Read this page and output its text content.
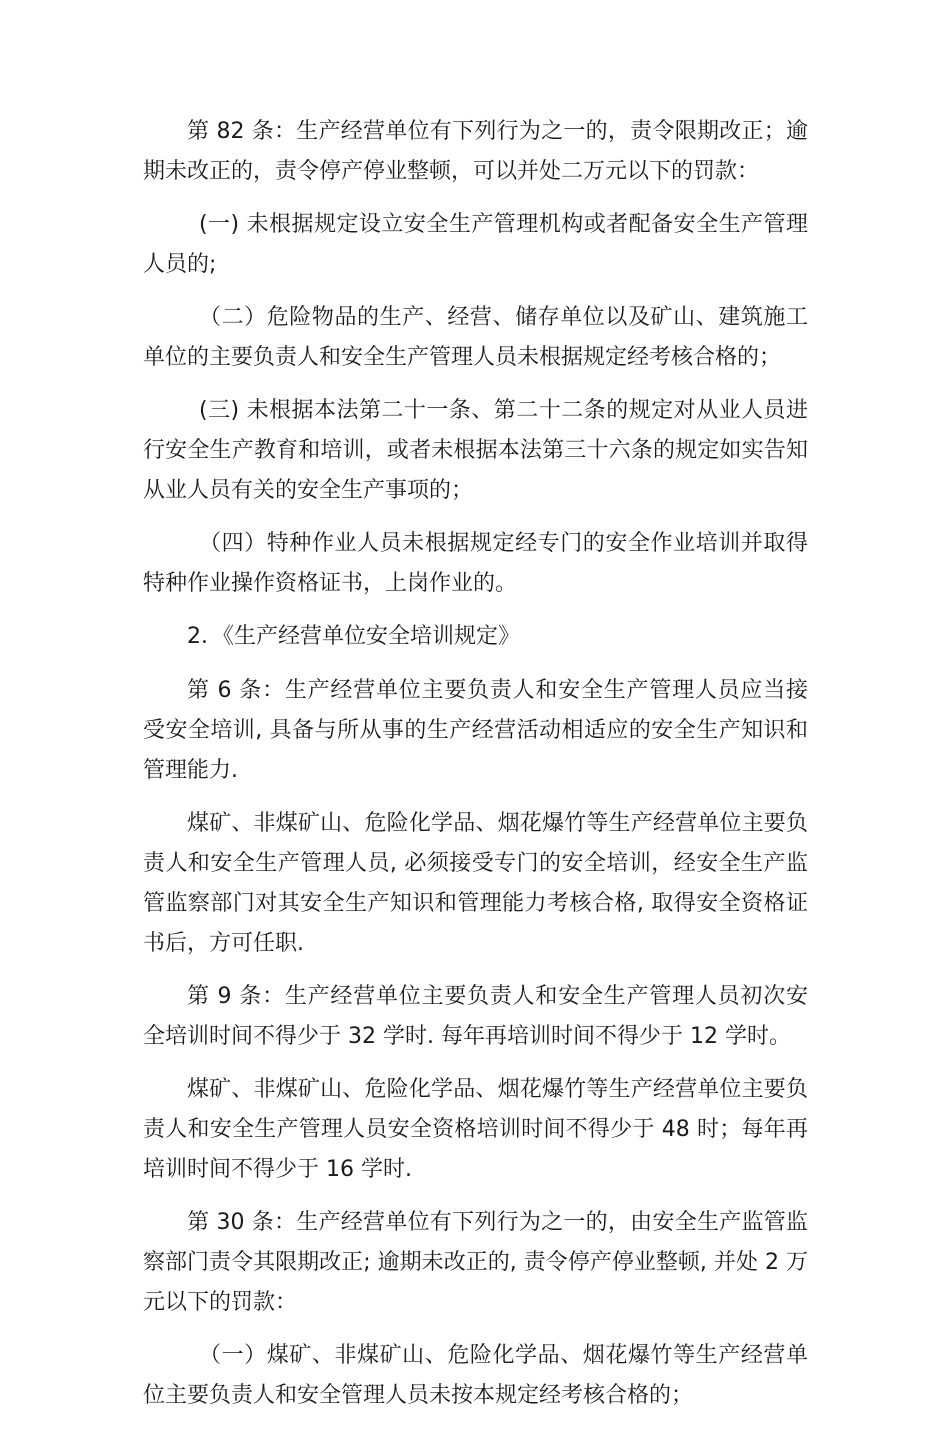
第 82 条：生产经营单位有下列行为之一的，责令限期改正；逾期未改正的，责令停产停业整顿，可以并处二万元以下的罚款：

(一) 未根据规定设立安全生产管理机构或者配备安全生产管理人员的;

（二）危险物品的生产、经营、储存单位以及矿山、建筑施工单位的主要负责人和安全生产管理人员未根据规定经考核合格的；

(三) 未根据本法第二十一条、第二十二条的规定对从业人员进行安全生产教育和培训，或者未根据本法第三十六条的规定如实告知从业人员有关的安全生产事项的；

（四）特种作业人员未根据规定经专门的安全作业培训并取得特种作业操作资格证书，上岗作业的。

2．《生产经营单位安全培训规定》

第 6 条：生产经营单位主要负责人和安全生产管理人员应当接受安全培训, 具备与所从事的生产经营活动相适应的安全生产知识和管理能力.

煤矿、非煤矿山、危险化学品、烟花爆竹等生产经营单位主要负责人和安全生产管理人员, 必须接受专门的安全培训，经安全生产监管监察部门对其安全生产知识和管理能力考核合格, 取得安全资格证书后，方可任职.

第 9 条：生产经营单位主要负责人和安全生产管理人员初次安全培训时间不得少于 32 学时. 每年再培训时间不得少于 12 学时。

煤矿、非煤矿山、危险化学品、烟花爆竹等生产经营单位主要负责人和安全生产管理人员安全资格培训时间不得少于 48 时；每年再培训时间不得少于 16 学时.

第 30 条：生产经营单位有下列行为之一的，由安全生产监管监察部门责令其限期改正; 逾期未改正的, 责令停产停业整顿, 并处 2 万元以下的罚款：

（一）煤矿、非煤矿山、危险化学品、烟花爆竹等生产经营单位主要负责人和安全管理人员未按本规定经考核合格的；
